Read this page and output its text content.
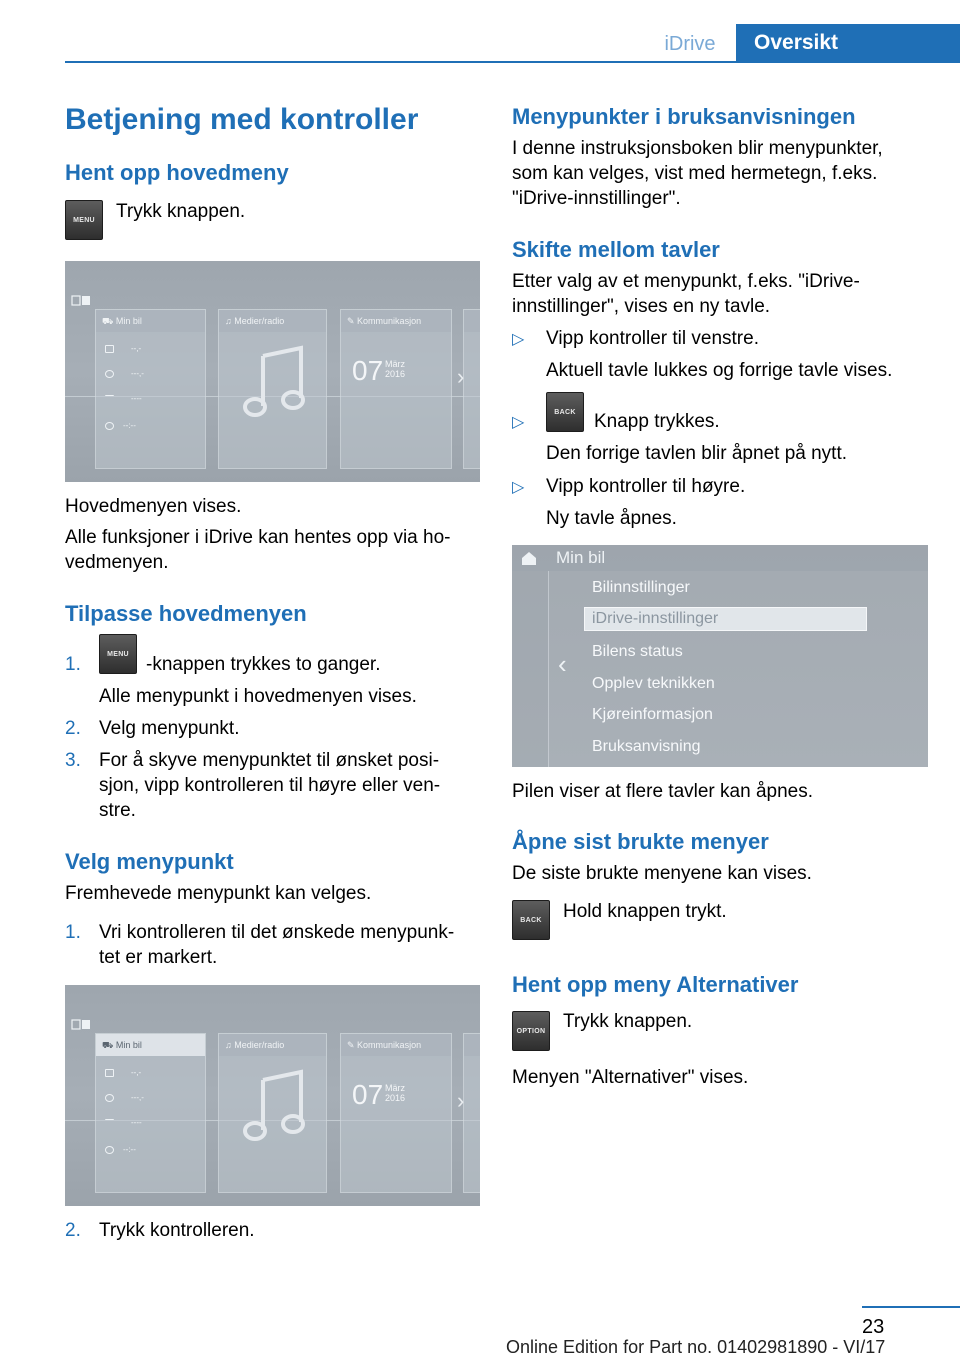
iDrive	Oversikt
Betjening med kontroller
Hent opp hovedmeny
MENU	Trykk knappen.
⛟ Min bil	♫ Medier/radio	✎ Kommunikasjon
--,-
---,-
----
--:--
07 März
2016 ›
Hovedmenyen vises.
Alle funksjoner i iDrive kan hentes opp via ho‐
vedmenyen.
Tilpasse hovedmenyen
1.	MENU -knappen trykkes to ganger.
Alle menypunkt i hovedmenyen vises.
2. Velg menypunkt.
3. For å skyve menypunktet til ønsket posi‐
sjon, vipp kontrolleren til høyre eller ven‐
stre.
Velg menypunkt
Fremhevede menypunkt kan velges.
1. Vri kontrolleren til det ønskede menypunk‐
tet er markert.
⛟ Min bil	♫ Medier/radio	✎ Kommunikasjon
--,-
---,-
----
--:--
07 März
2016 ›
2. Trykk kontrolleren.
Menypunkter i bruksanvisningen
I denne instruksjonsboken blir menypunkter,
som kan velges, vist med hermetegn, f.eks.
"iDrive-innstillinger".
Skifte mellom tavler
Etter valg av et menypunkt, f.eks. "iDrive-
innstillinger", vises en ny tavle.
▷ Vipp kontroller til venstre.
Aktuell tavle lukkes og forrige tavle vises.
▷
BACK Knapp trykkes.
Den forrige tavlen blir åpnet på nytt.
▷ Vipp kontroller til høyre.
Ny tavle åpnes.
Min bil
Bilinnstillinger
iDrive-innstillinger
Bilens status
Opplev teknikken
Kjøreinformasjon
Bruksanvisning
‹
Pilen viser at flere tavler kan åpnes.
Åpne sist brukte menyer
De siste brukte menyene kan vises.
BACK	Hold knappen trykt.
Hent opp meny Alternativer
OPTION Trykk knappen.
Menyen "Alternativer" vises.
23
Online Edition for Part no. 01402981890 - VI/17
